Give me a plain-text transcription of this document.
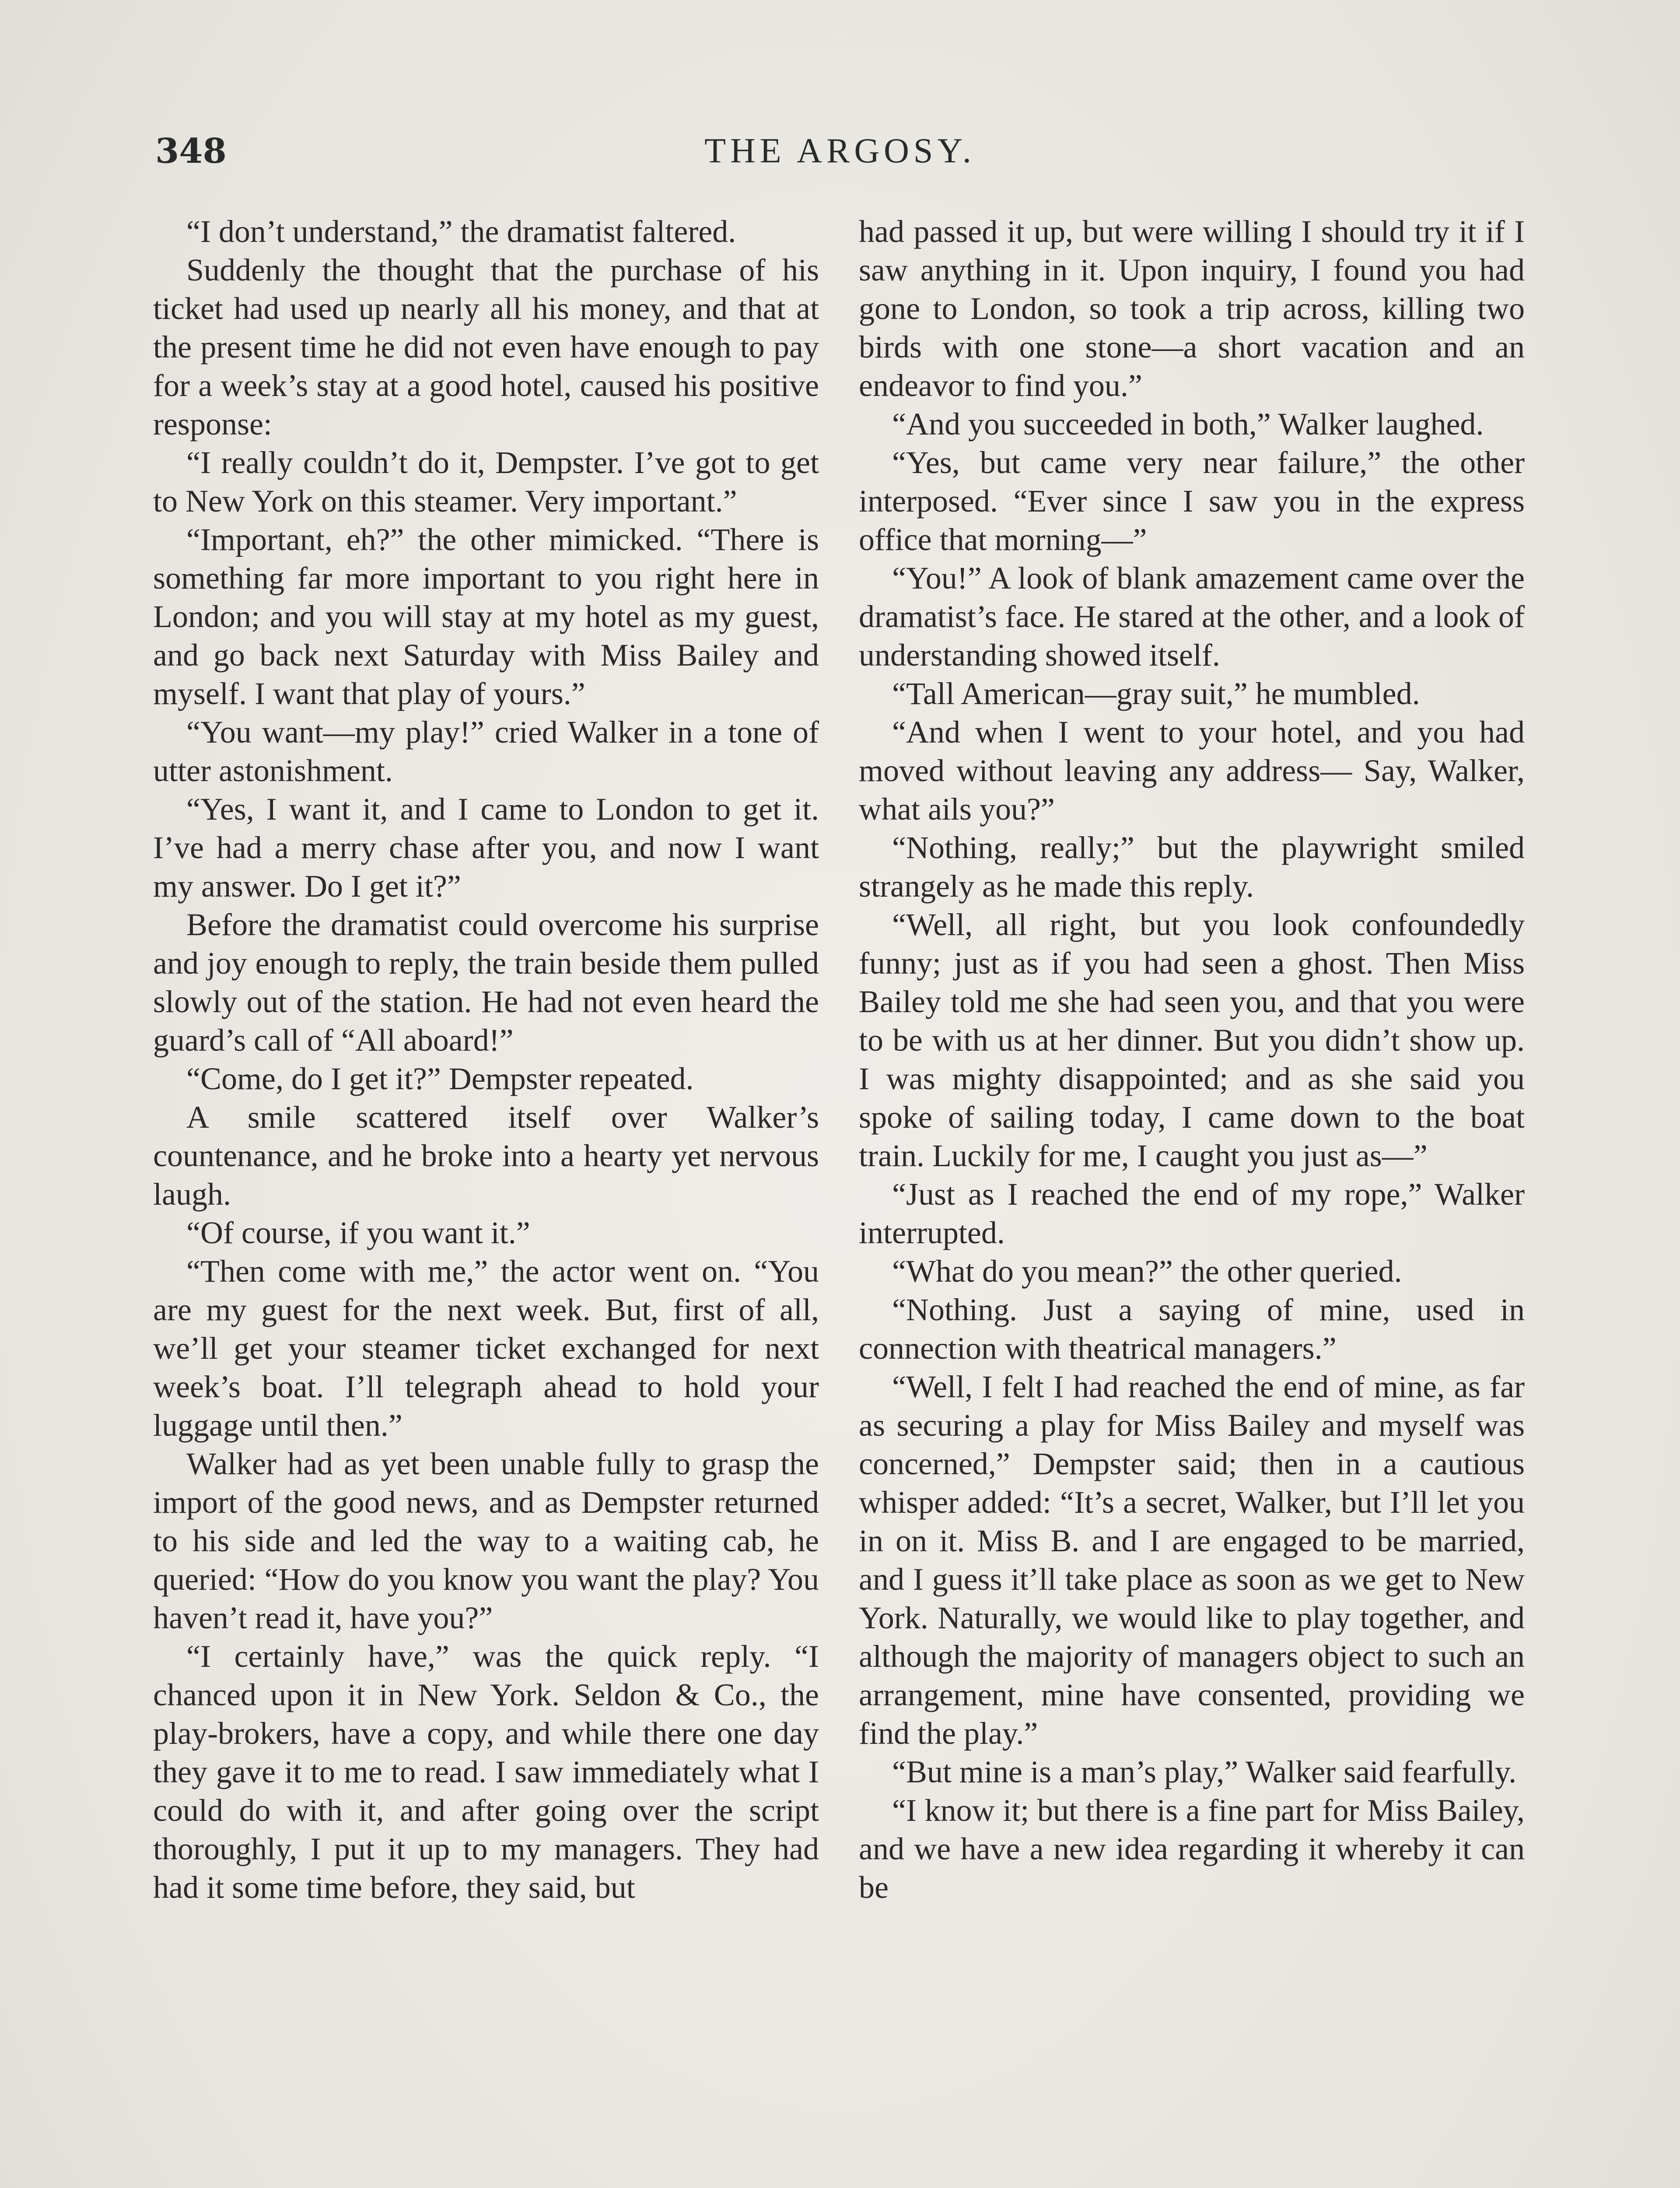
348	THE ARGOSY.

“I don’t understand,” the dramatist faltered.

Suddenly the thought that the purchase of his ticket had used up nearly all his money, and that at the present time he did not even have enough to pay for a week’s stay at a good hotel, caused his positive response:

“I really couldn’t do it, Dempster. I’ve got to get to New York on this steamer. Very important.”

“Important, eh?” the other mimicked. “There is something far more important to you right here in London; and you will stay at my hotel as my guest, and go back next Saturday with Miss Bailey and myself. I want that play of yours.”

“You want—my play!” cried Walker in a tone of utter astonishment.

“Yes, I want it, and I came to London to get it. I’ve had a merry chase after you, and now I want my answer. Do I get it?”

Before the dramatist could overcome his surprise and joy enough to reply, the train beside them pulled slowly out of the station. He had not even heard the guard’s call of “All aboard!”

“Come, do I get it?” Dempster repeated.

A smile scattered itself over Walker’s countenance, and he broke into a hearty yet nervous laugh.

“Of course, if you want it.”

“Then come with me,” the actor went on. “You are my guest for the next week. But, first of all, we’ll get your steamer ticket exchanged for next week’s boat. I’ll telegraph ahead to hold your luggage until then.”

Walker had as yet been unable fully to grasp the import of the good news, and as Dempster returned to his side and led the way to a waiting cab, he queried: “How do you know you want the play? You haven’t read it, have you?”

“I certainly have,” was the quick reply. “I chanced upon it in New York. Seldon & Co., the play-brokers, have a copy, and while there one day they gave it to me to read. I saw immediately what I could do with it, and after going over the script thoroughly, I put it up to my managers. They had had it some time before, they said, but

had passed it up, but were willing I should try it if I saw anything in it. Upon inquiry, I found you had gone to London, so took a trip across, killing two birds with one stone—a short vacation and an endeavor to find you.”

“And you succeeded in both,” Walker laughed.

“Yes, but came very near failure,” the other interposed. “Ever since I saw you in the express office that morning—”

“You!” A look of blank amazement came over the dramatist’s face. He stared at the other, and a look of understanding showed itself.

“Tall American—gray suit,” he mumbled.

“And when I went to your hotel, and you had moved without leaving any address— Say, Walker, what ails you?”

“Nothing, really;” but the playwright smiled strangely as he made this reply.

“Well, all right, but you look confoundedly funny; just as if you had seen a ghost. Then Miss Bailey told me she had seen you, and that you were to be with us at her dinner. But you didn’t show up. I was mighty disappointed; and as she said you spoke of sailing today, I came down to the boat train. Luckily for me, I caught you just as—”

“Just as I reached the end of my rope,” Walker interrupted.

“What do you mean?” the other queried.

“Nothing. Just a saying of mine, used in connection with theatrical managers.”

“Well, I felt I had reached the end of mine, as far as securing a play for Miss Bailey and myself was concerned,” Dempster said; then in a cautious whisper added: “It’s a secret, Walker, but I’ll let you in on it. Miss B. and I are engaged to be married, and I guess it’ll take place as soon as we get to New York. Naturally, we would like to play together, and although the majority of managers object to such an arrangement, mine have consented, providing we find the play.”

“But mine is a man’s play,” Walker said fearfully.

“I know it; but there is a fine part for Miss Bailey, and we have a new idea regarding it whereby it can be
